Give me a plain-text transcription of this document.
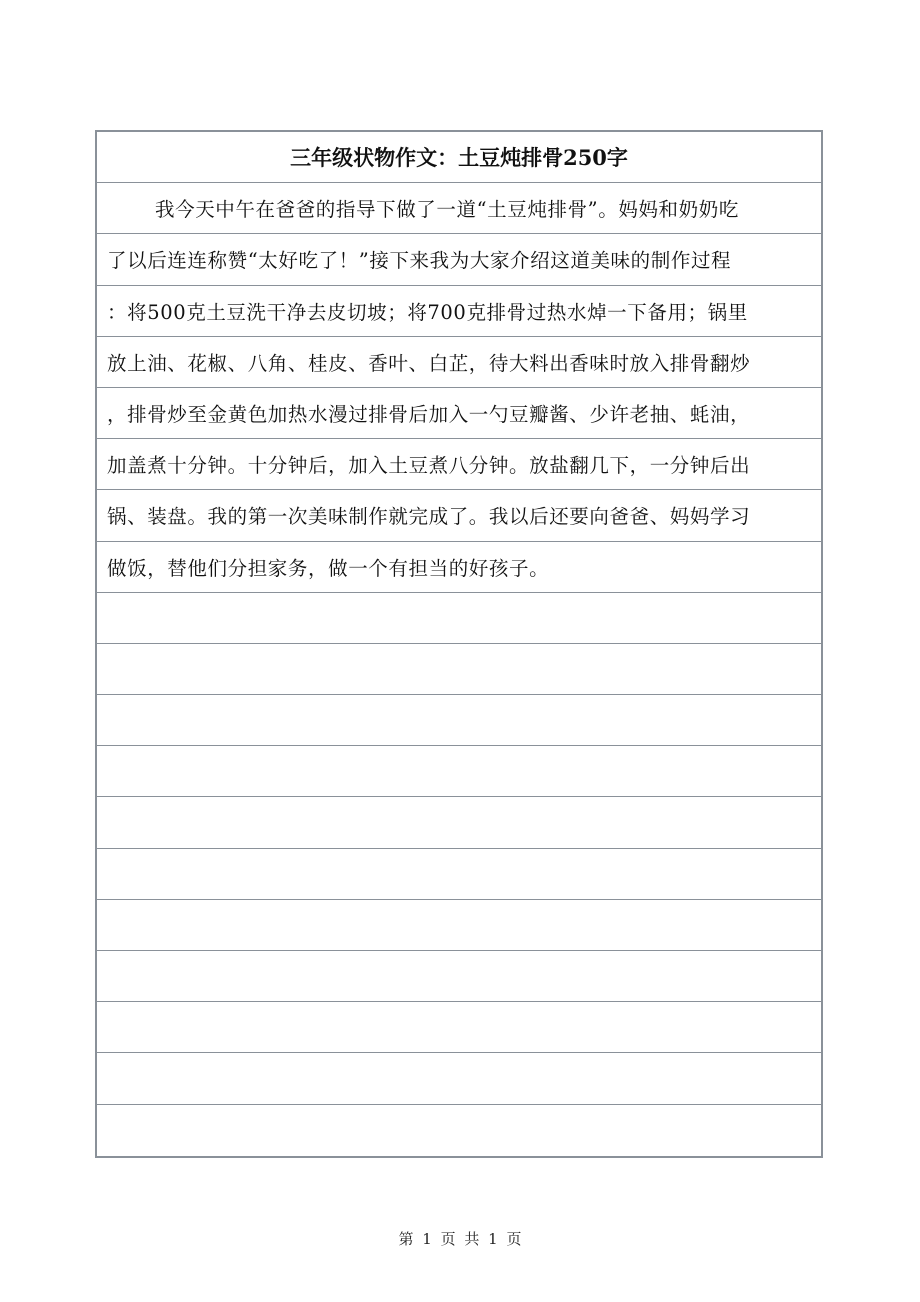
三年级状物作文：土豆炖排骨250字
我今天中午在爸爸的指导下做了一道“土豆炖排骨”。妈妈和奶奶吃
了以后连连称赞“太好吃了！”接下来我为大家介绍这道美味的制作过程
：将500克土豆洗干净去皮切坡；将700克排骨过热水焯一下备用；锅里
放上油、花椒、八角、桂皮、香叶、白芷，待大料出香味时放入排骨翻炒
，排骨炒至金黄色加热水漫过排骨后加入一勺豆瓣酱、少许老抽、蚝油，
加盖煮十分钟。十分钟后，加入土豆煮八分钟。放盐翻几下，一分钟后出
锅、装盘。我的第一次美味制作就完成了。我以后还要向爸爸、妈妈学习
做饭，替他们分担家务，做一个有担当的好孩子。
第 1 页 共 1 页
